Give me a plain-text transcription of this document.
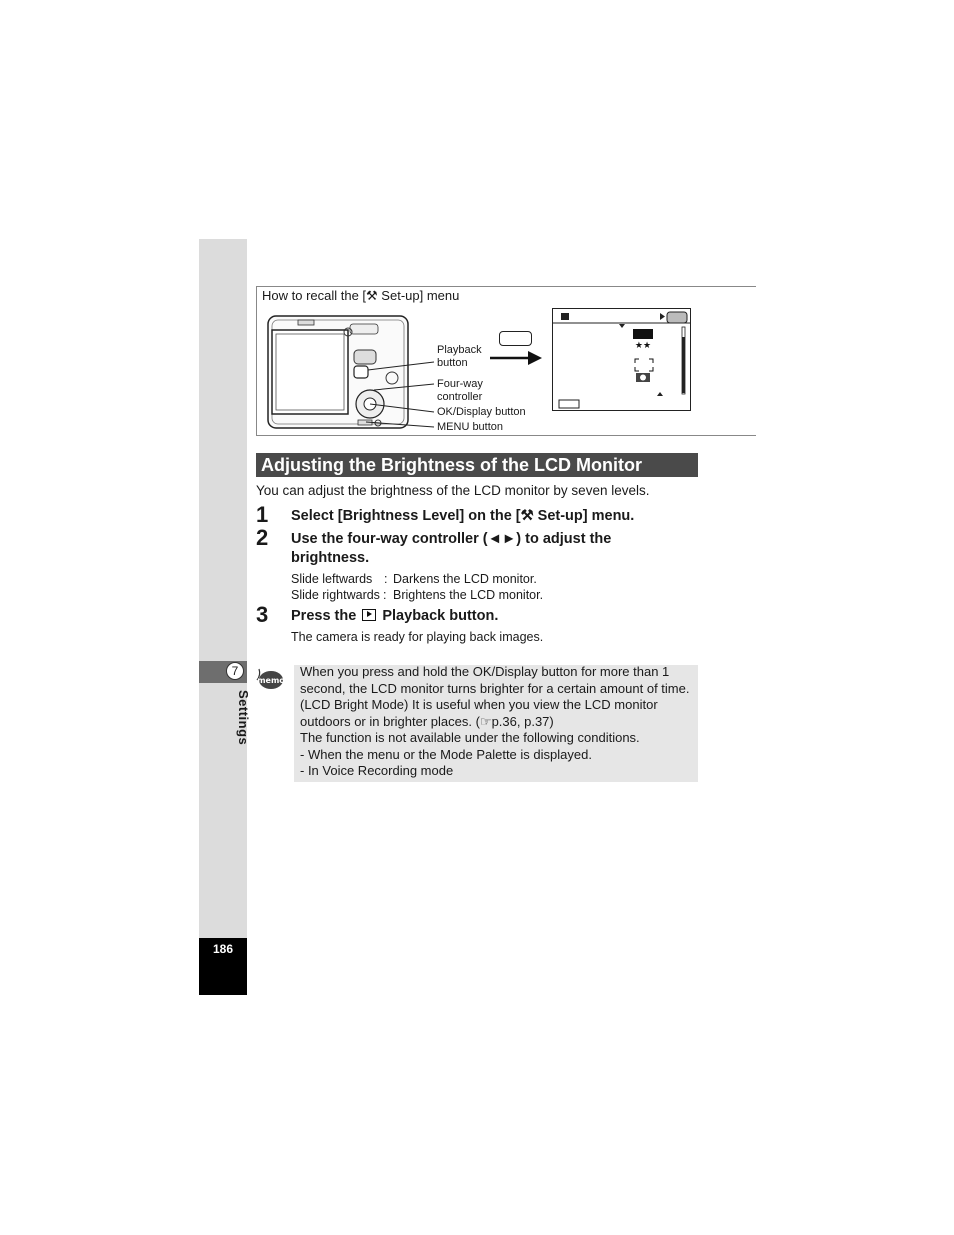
7
Settings
186
How to recall the [⚒ Set-up] menu
Playback
button
Four-way
controller
OK/Display button
MENU button
★★
Adjusting the Brightness of the LCD Monitor
You can adjust the brightness of the LCD monitor by seven levels.
1 Select [Brightness Level] on the [⚒ Set-up] menu.
2 Use the four-way controller (◄►) to adjust the brightness.
Slide leftwards : Darkens the LCD monitor.
Slide rightwards : Brightens the LCD monitor.
3 Press the Playback button.
The camera is ready for playing back images.
memo
When you press and hold the OK/Display button for more than 1
second, the LCD monitor turns brighter for a certain amount of time.
(LCD Bright Mode) It is useful when you view the LCD monitor
outdoors or in brighter places. (☞p.36, p.37)
The function is not available under the following conditions.
- When the menu or the Mode Palette is displayed.
- In Voice Recording mode
